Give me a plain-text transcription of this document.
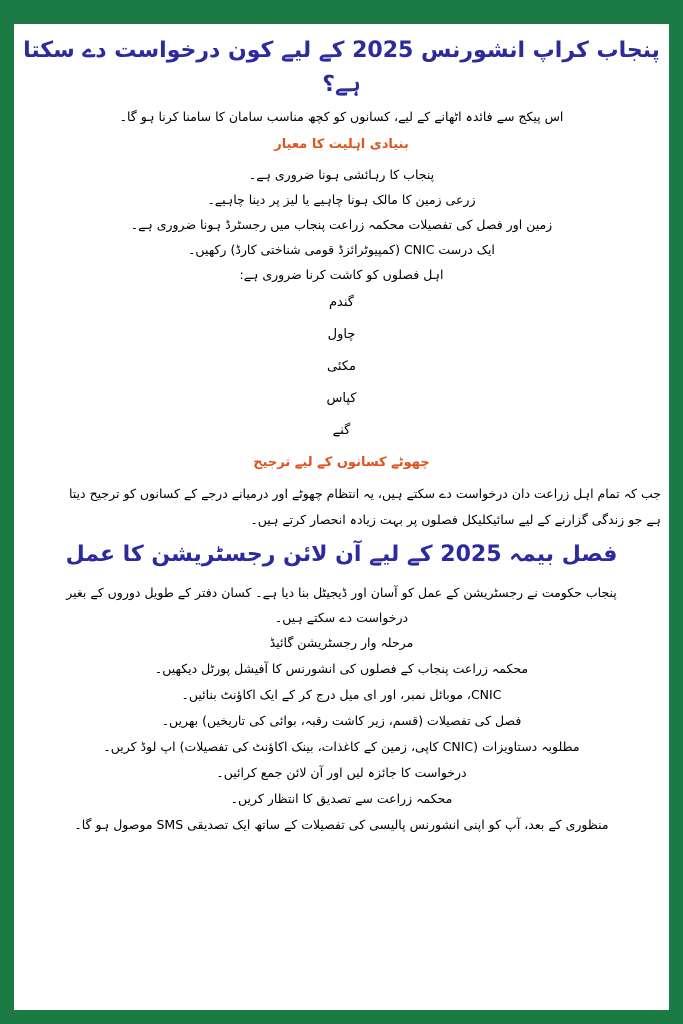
پنجاب کراپ انشورنس 2025 کے لیے کون درخواست دے سکتا ہے؟
اس پیکج سے فائدہ اٹھانے کے لیے، کسانوں کو کچھ مناسب سامان کا سامنا کرنا ہو گا۔
بنیادی اہلیت کا معیار
پنجاب کا رہائشی ہونا ضروری ہے۔
زرعی زمین کا مالک ہونا چاہیے یا لیز پر دینا چاہیے۔
زمین اور فصل کی تفصیلات محکمہ زراعت پنجاب میں رجسٹرڈ ہونا ضروری ہے۔
ایک درست CNIC (کمپیوٹرائزڈ قومی شناختی کارڈ) رکھیں۔
اہل فصلوں کو کاشت کرنا ضروری ہے:
گندم
چاول
مکئی
کپاس
گنے
چھوٹے کسانوں کے لیے ترجیح
جب کہ تمام اہل زراعت دان درخواست دے سکتے ہیں، یہ انتظام چھوٹے اور درمیانے درجے کے کسانوں کو ترجیح دیتا
ہے جو زندگی گزارنے کے لیے سائیکلیکل فصلوں پر بہت زیادہ انحصار کرتے ہیں۔
فصل بیمہ 2025 کے لیے آن لائن رجسٹریشن کا عمل
پنجاب حکومت نے رجسٹریشن کے عمل کو آسان اور ڈیجیٹل بنا دیا ہے۔ کسان دفتر کے طویل دوروں کے بغیر
درخواست دے سکتے ہیں۔
مرحلہ وار رجسٹریشن گائیڈ
محکمہ زراعت پنجاب کے فصلوں کی انشورنس کا آفیشل پورٹل دیکھیں۔
CNIC، موبائل نمبر، اور ای میل درج کر کے ایک اکاؤنٹ بنائیں۔
فصل کی تفصیلات (قسم، زیر کاشت رقبہ، بوائی کی تاریخیں) بھریں۔
مطلوبہ دستاویزات (CNIC کاپی، زمین کے کاغذات، بینک اکاؤنٹ کی تفصیلات) اپ لوڈ کریں۔
درخواست کا جائزہ لیں اور آن لائن جمع کرائیں۔
محکمہ زراعت سے تصدیق کا انتظار کریں۔
منظوری کے بعد، آپ کو اپنی انشورنس پالیسی کی تفصیلات کے ساتھ ایک تصدیقی SMS موصول ہو گا۔
